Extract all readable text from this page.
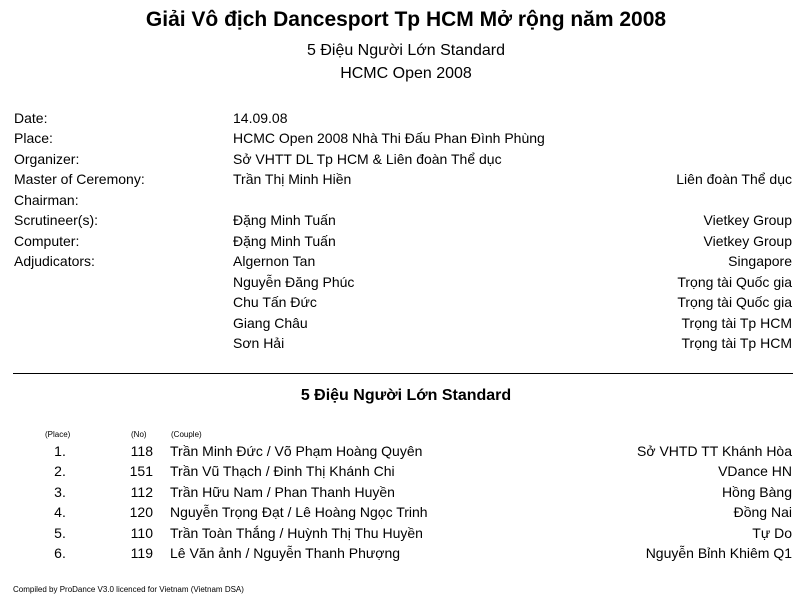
Giải Vô địch Dancesport Tp HCM Mở rộng năm 2008
5 Điệu Người Lớn Standard
HCMC Open 2008
Date:	14.09.08
Place:	HCMC Open 2008 Nhà Thi Đấu Phan Đình Phùng
Organizer:	Sở VHTT DL Tp HCM & Liên đoàn Thể dục
Master of Ceremony:	Trần Thị Minh Hiền	Liên đoàn Thể dục
Chairman:
Scrutineer(s):	Đặng Minh Tuấn	Vietkey Group
Computer:	Đặng Minh Tuấn	Vietkey Group
Adjudicators:	Algernon Tan	Singapore
Nguyễn Đăng Phúc	Trọng tài Quốc gia
Chu Tấn Đức	Trọng tài Quốc gia
Giang Châu	Trọng tài Tp HCM
Sơn Hải	Trọng tài Tp HCM
5 Điệu Người Lớn Standard
(Place)	(No)	(Couple)
1.	118 Trần Minh Đức / Võ Phạm Hoàng Quyên	Sở VHTD TT Khánh Hòa
2.	151 Trần Vũ Thạch / Đinh Thị Khánh Chi	VDance HN
3.	112 Trần Hữu Nam / Phan Thanh Huyền	Hồng Bàng
4.	120 Nguyễn Trọng Đạt / Lê Hoàng Ngọc Trinh	Đồng Nai
5.	110 Trần Toàn Thắng / Huỳnh Thị Thu Huyền	Tự Do
6.	119 Lê Văn ảnh / Nguyễn Thanh Phượng	Nguyễn Bỉnh Khiêm Q1
Compiled by ProDance V3.0 licenced for Vietnam (Vietnam DSA)
